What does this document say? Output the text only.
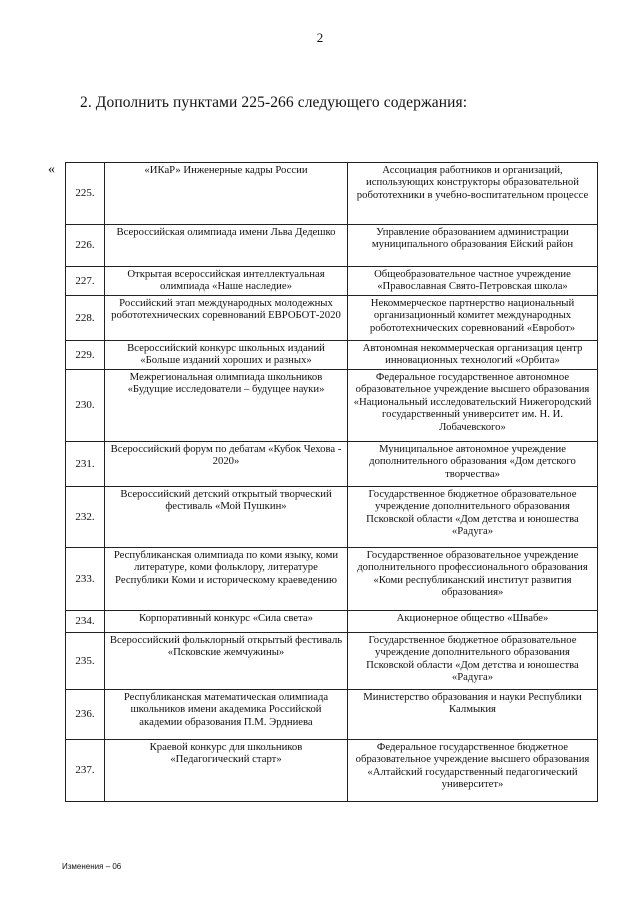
2
2. Дополнить пунктами 225-266 следующего содержания:
«
225.	«ИКаР» Инженерные кадры России	Ассоциация работников и организаций, использующих конструкторы образовательной робототехники в учебно-воспитательном процессе
226.	Всероссийская олимпиада имени Льва Дедешко	Управление образованием администрации муниципального образования Ейский район
227.	Открытая всероссийская интеллектуальная олимпиада «Наше наследие»	Общеобразовательное частное учреждение «Православная Свято-Петровская школа»
228.	Российский этап международных молодежных робототехнических соревнований ЕВРОБОТ-2020	Некоммерческое партнерство национальный организационный комитет международных робототехнических соревнований «Евробот»
229.	Всероссийский конкурс школьных изданий «Больше изданий хороших и разных»	Автономная некоммерческая организация центр инновационных технологий «Орбита»
230.	Межрегиональная олимпиада школьников «Будущие исследователи – будущее науки»	Федеральное государственное автономное образовательное учреждение высшего образования «Национальный исследовательский Нижегородский государственный университет им. Н. И. Лобачевского»
231.	Всероссийский форум по дебатам «Кубок Чехова - 2020»	Муниципальное автономное учреждение дополнительного образования «Дом детского творчества»
232.	Всероссийский детский открытый творческий фестиваль «Мой Пушкин»	Государственное бюджетное образовательное учреждение дополнительного образования Псковской области «Дом детства и юношества «Радуга»
233.	Республиканская олимпиада по коми языку, коми литературе, коми фольклору, литературе Республики Коми и историческому краеведению	Государственное образовательное учреждение дополнительного профессионального образования «Коми республиканский институт развития образования»
234.	Корпоративный конкурс «Сила света»	Акционерное общество «Швабе»
235.	Всероссийский фольклорный открытый фестиваль «Псковские жемчужины»	Государственное бюджетное образовательное учреждение дополнительного образования Псковской области «Дом детства и юношества «Радуга»
236.	Республиканская математическая олимпиада школьников имени академика Российской академии образования П.М. Эрдниева	Министерство образования и науки Республики Калмыкия
237.	Краевой конкурс для школьников «Педагогический старт»	Федеральное государственное бюджетное образовательное учреждение высшего образования «Алтайский государственный педагогический университет»
Изменения – 06
